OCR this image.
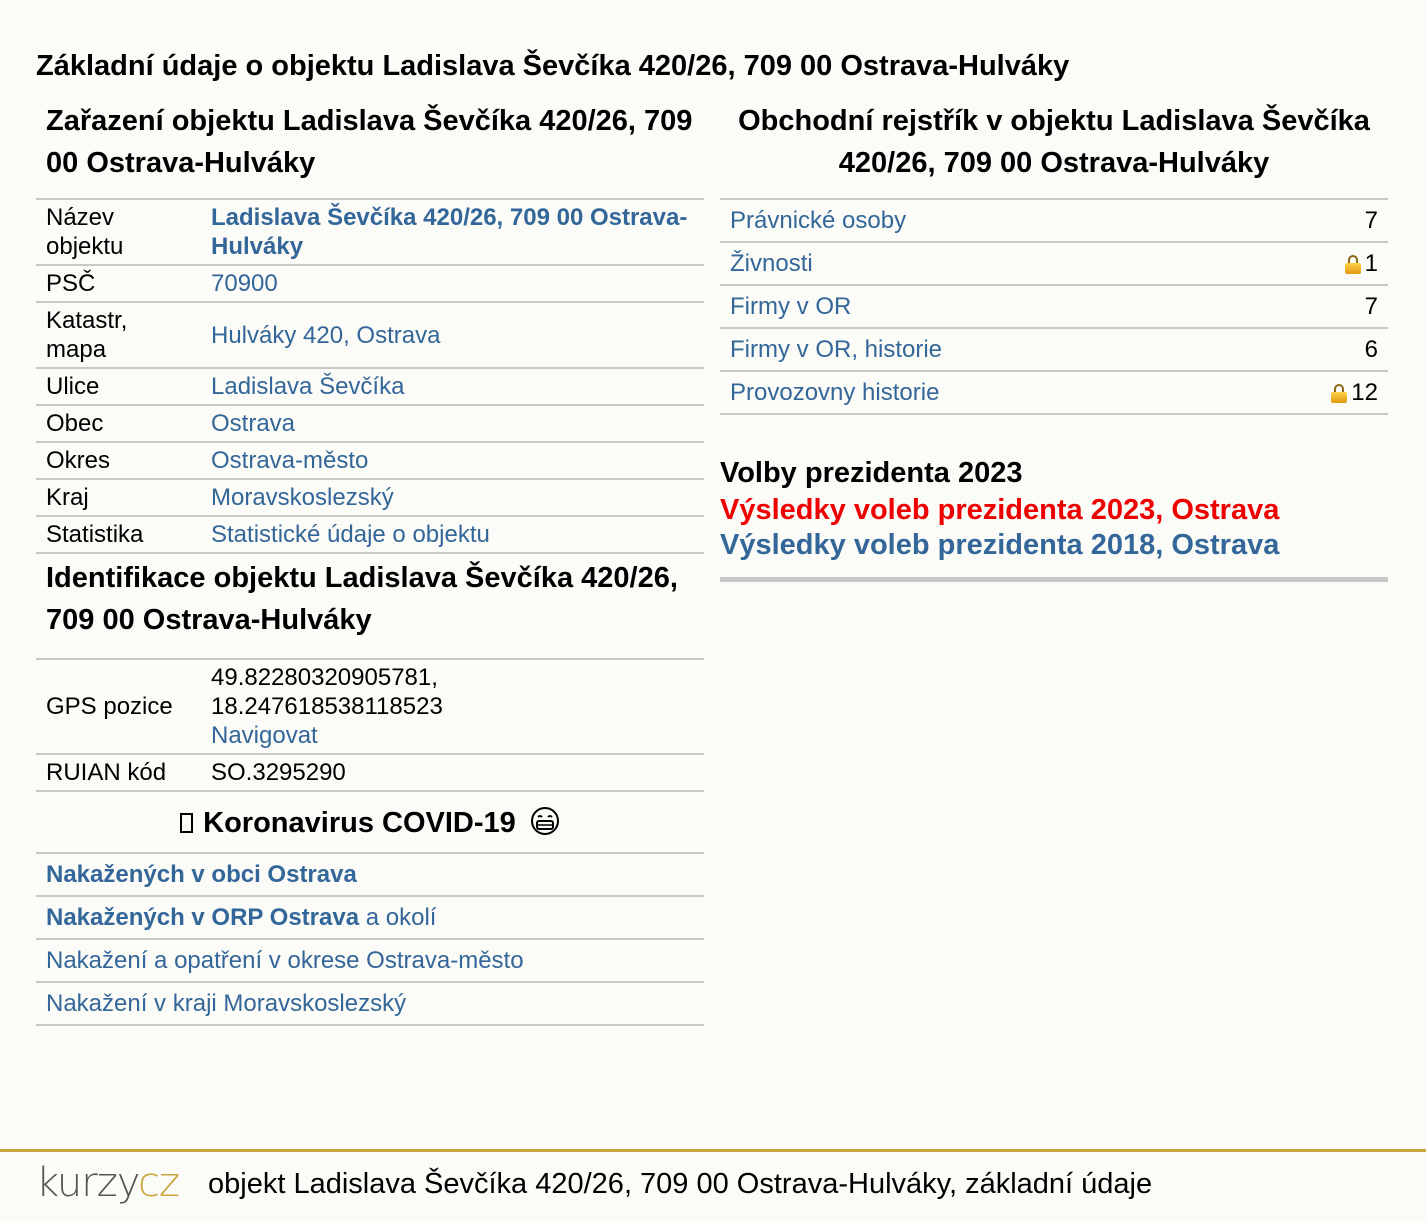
Základní údaje o objektu Ladislava Ševčíka 420/26, 709 00 Ostrava-Hulváky
Zařazení objektu Ladislava Ševčíka 420/26, 709 00 Ostrava-Hulváky
Název objektu	Ladislava Ševčíka 420/26, 709 00 Ostrava-Hulváky
PSČ	70900
Katastr, mapa	Hulváky 420, Ostrava
Ulice	Ladislava Ševčíka
Obec	Ostrava
Okres	Ostrava-město
Kraj	Moravskoslezský
Statistika	Statistické údaje o objektu
Identifikace objektu Ladislava Ševčíka 420/26, 709 00 Ostrava-Hulváky
GPS pozice	49.82280320905781,
18.247618538118523
Navigovat
RUIAN kód	SO.3295290
Koronavirus COVID-19
Nakažených v obci Ostrava
Nakažených v ORP Ostrava a okolí
Nakažení a opatření v okrese Ostrava-město
Nakažení v kraji Moravskoslezský
Obchodní rejstřík v objektu Ladislava Ševčíka 420/26, 709 00 Ostrava-Hulváky
Právnické osoby	7
Živnosti	1
Firmy v OR	7
Firmy v OR, historie	6
Provozovny historie	12
Volby prezidenta 2023
Výsledky voleb prezidenta 2023, Ostrava
Výsledky voleb prezidenta 2018, Ostrava
kurzy
cz objekt Ladislava Ševčíka 420/26, 709 00 Ostrava-Hulváky, základní údaje
